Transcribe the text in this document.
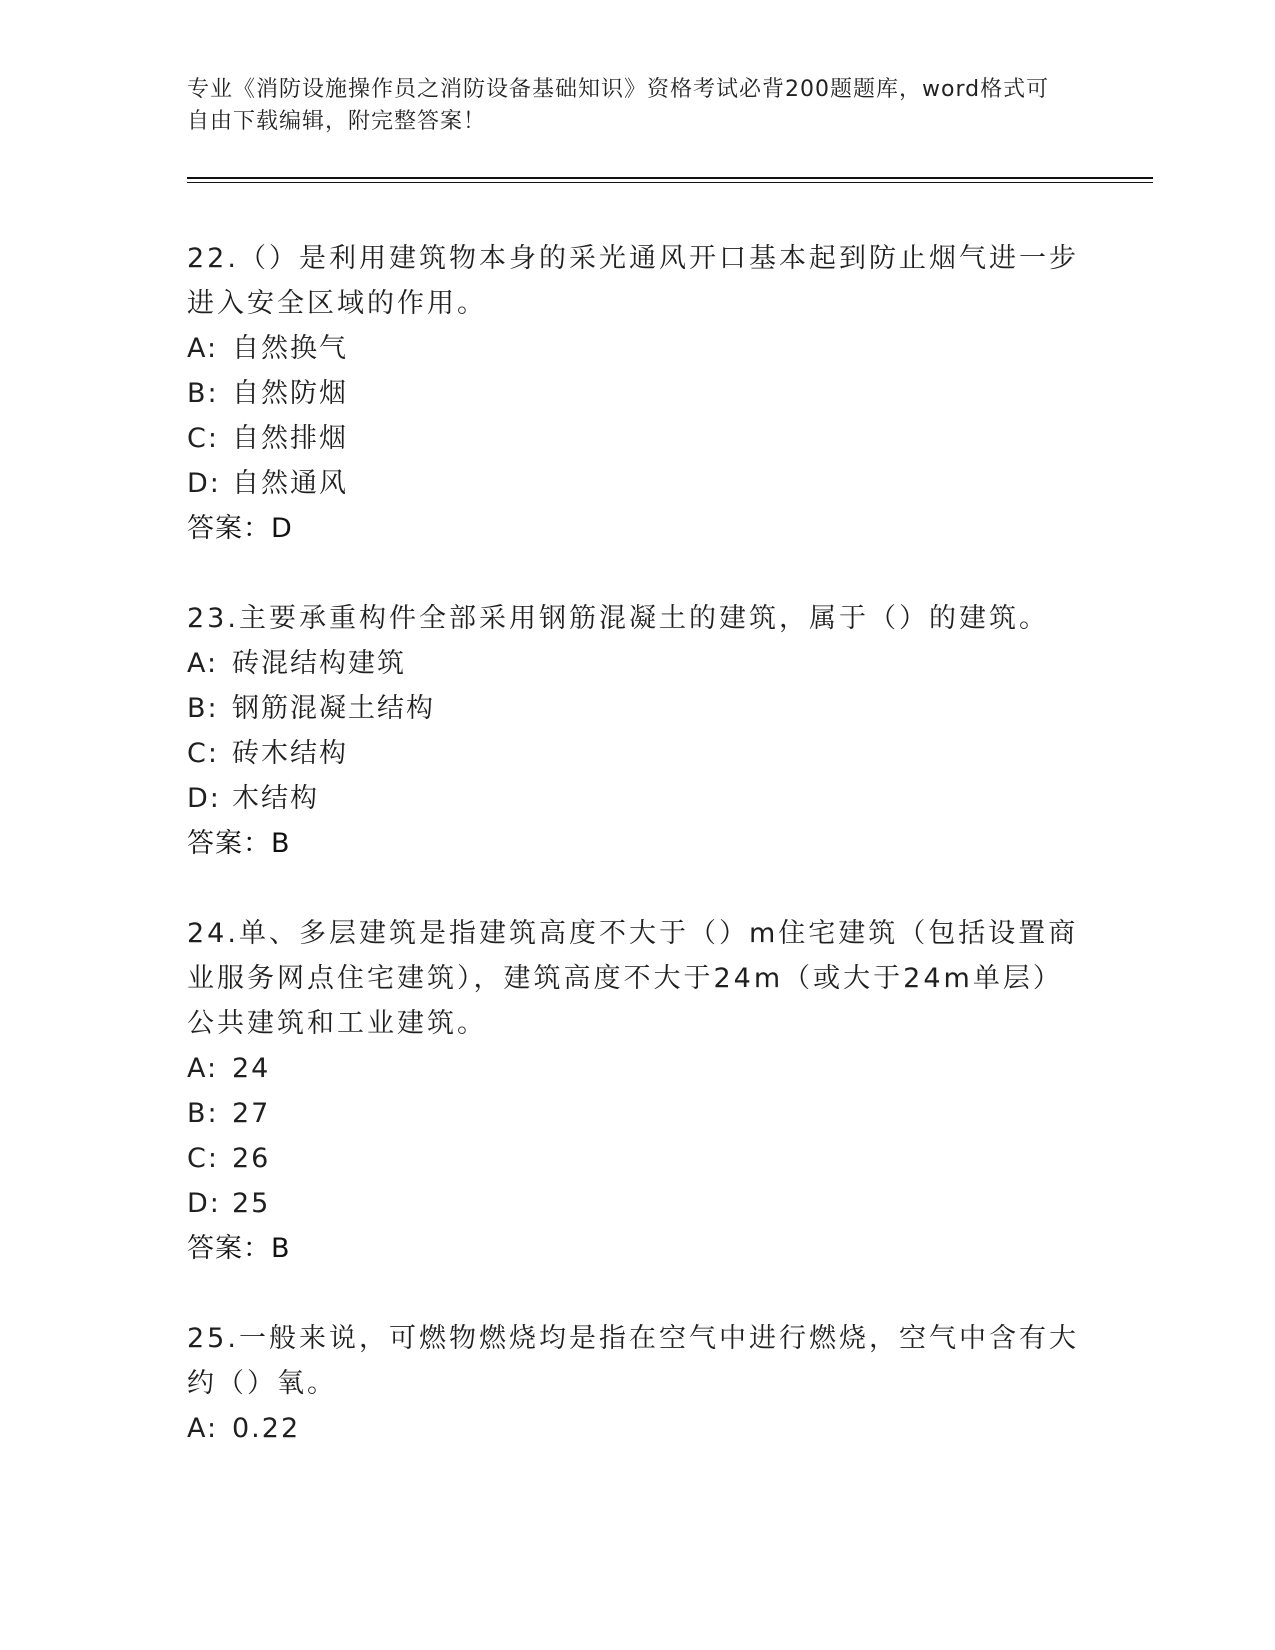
专业《消防设施操作员之消防设备基础知识》资格考试必背200题题库，word格式可自由下载编辑，附完整答案！
22.（）是利用建筑物本身的采光通风开口基本起到防止烟气进一步进入安全区域的作用。
A: 自然换气
B: 自然防烟
C: 自然排烟
D: 自然通风
答案：D
23.主要承重构件全部采用钢筋混凝土的建筑，属于（）的建筑。
A: 砖混结构建筑
B: 钢筋混凝土结构
C: 砖木结构
D: 木结构
答案：B
24.单、多层建筑是指建筑高度不大于（）m住宅建筑（包括设置商业服务网点住宅建筑），建筑高度不大于24m（或大于24m单层）公共建筑和工业建筑。
A: 24
B: 27
C: 26
D: 25
答案：B
25.一般来说，可燃物燃烧均是指在空气中进行燃烧，空气中含有大约（）氧。
A: 0.22
